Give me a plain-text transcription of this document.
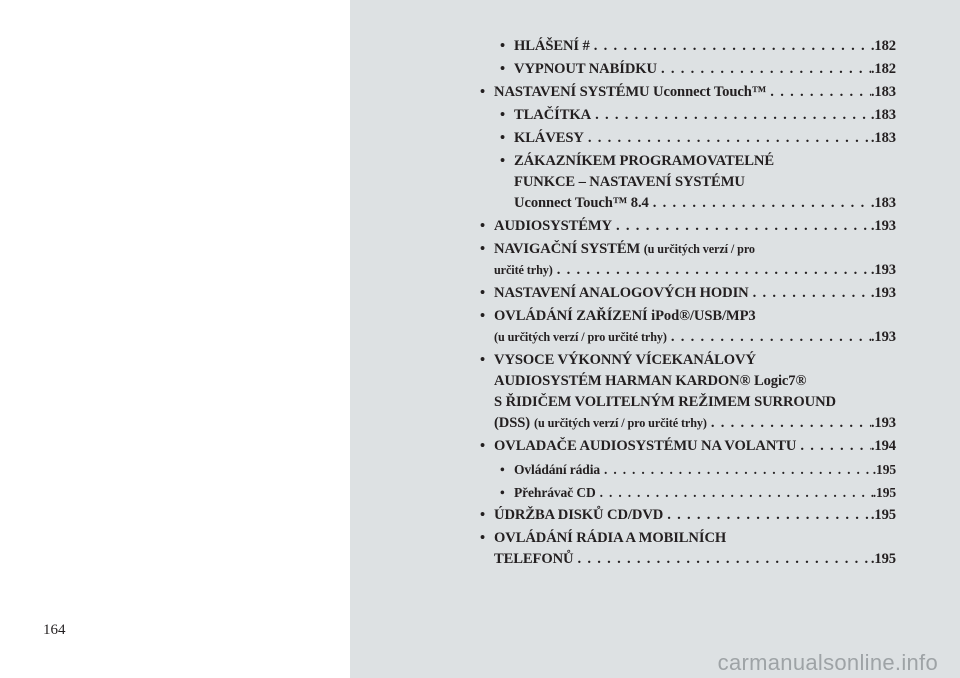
164
• HLÁŠENÍ # . . .	.182
• VYPNOUT NABÍDKU . . .	.182
• NASTAVENÍ SYSTÉMU Uconnect Touch™ . . .	.183
• TLAČÍTKA . . .	.183
• KLÁVESY . . .	.183
• ZÁKAZNÍKEM PROGRAMOVATELNÉ
FUNKCE – NASTAVENÍ SYSTÉMU
Uconnect Touch™ 8.4 . . .	.183
• AUDIOSYSTÉMY . . .	.193
• NAVIGAČNÍ SYSTÉM (u určitých verzí / pro
určité trhy) . . .	.193
• NASTAVENÍ ANALOGOVÝCH HODIN . . .	.193
• OVLÁDÁNÍ ZAŘÍZENÍ iPod®/USB/MP3
(u určitých verzí / pro určité trhy) . . .	.193
• VYSOCE VÝKONNÝ VÍCEKANÁLOVÝ
AUDIOSYSTÉM HARMAN KARDON® Logic7®
S ŘIDIČEM VOLITELNÝM REŽIMEM SURROUND
(DSS) (u určitých verzí / pro určité trhy) . . .	.193
• OVLADAČE AUDIOSYSTÉMU NA VOLANTU . . .	.194
• Ovládání rádia . . .	.195
• Přehrávač CD . . .	.195
• ÚDRŽBA DISKŮ CD/DVD . . .	.195
• OVLÁDÁNÍ RÁDIA A MOBILNÍCH
TELEFONŮ . . .	.195
carmanualsonline.info
